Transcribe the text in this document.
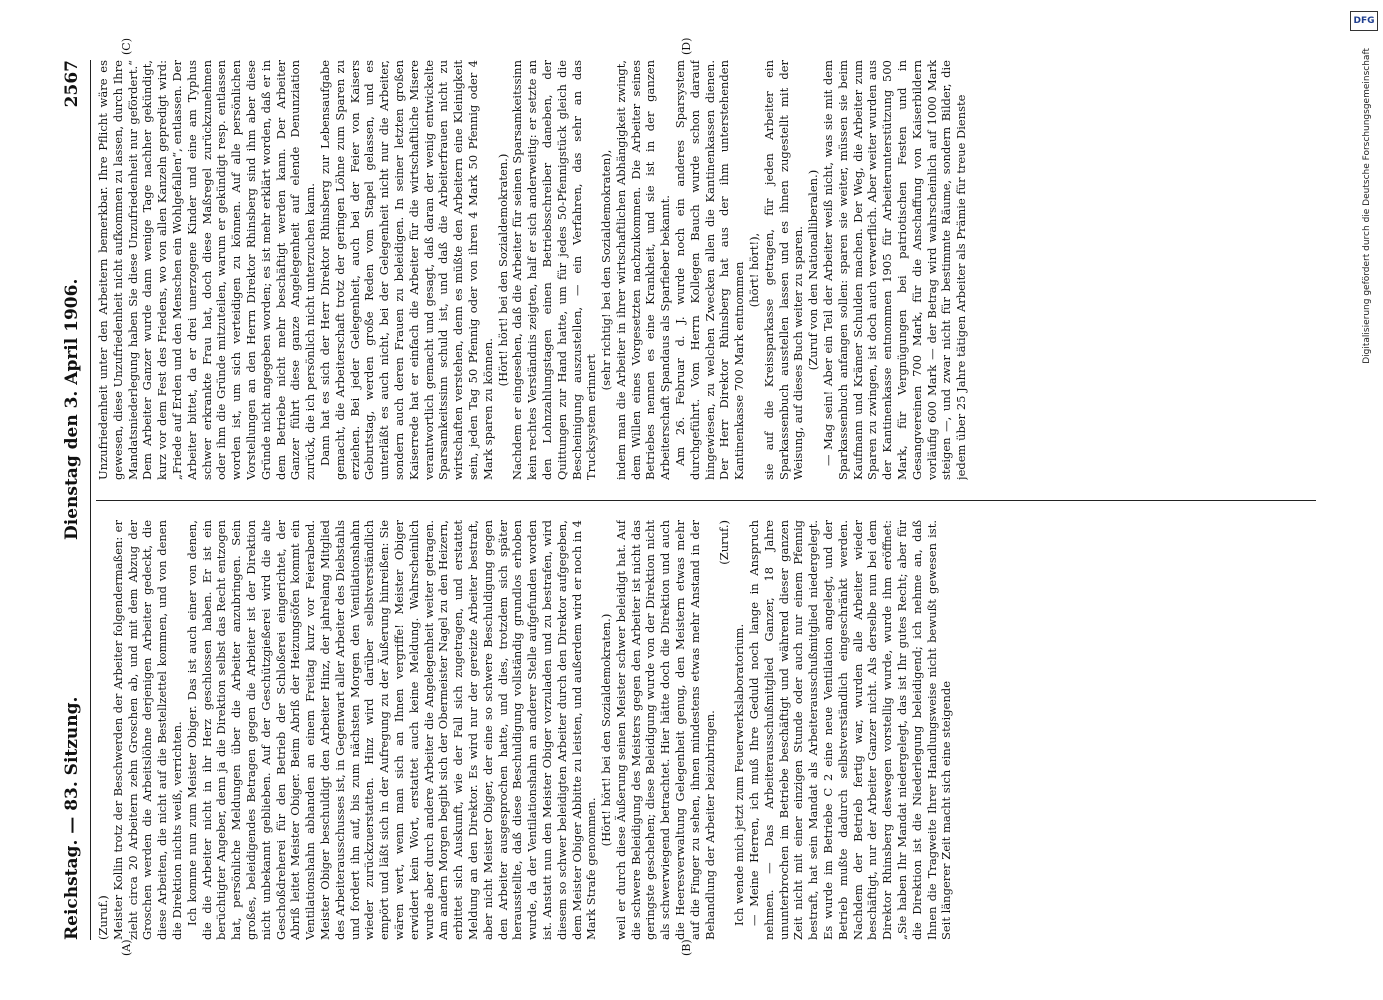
Reichstag. — 83. Sitzung.
Dienstag den 3. April 1906.
2567
(A)	(B)
(C)	(D)

(Zuruf.) Meister Kollin trotz der Beschwerden der Arbeiter folgendermaßen: er zieht circa 20 Arbeitern zehn Groschen ab, und mit dem Abzug der Groschen werden die Arbeitslöhne derjenigen Arbeiter gedeckt, die diese Arbeiten, die nicht auf die Bestellzettel kommen, und von denen die Direktion nichts weiß, verrichten. Ich komme nun zum Meister Obiger. Das ist auch einer von denen, die die Arbeiter nicht in ihr Herz geschlossen haben. Er ist ein berüchtigter Angeber, denn ja die Direktion selbst das Recht entzogen hat, persönliche Meldungen über die Arbeiter anzubringen. Sein großes, beleidigendes Betragen gegen die Arbeiter ist der Direktion nicht unbekannt geblieben. Auf der Geschützgießerei wird die alte Geschoßdreherei für den Betrieb der Schloßerei eingerichtet, der Abriß leitet Meister Obiger. Beim Abriß der Heizungsöfen kommt ein Ventilationshahn abhanden an einem Freitag kurz vor Feierabend. Meister Obiger beschuldigt den Arbeiter Hinz, der jahrelang Mitglied des Arbeiterausschusses ist, in Gegenwart aller Arbeiter des Diebstahls und fordert ihn auf, bis zum nächsten Morgen den Ventilationshahn wieder zurückzuerstatten. Hinz wird darüber selbstverständlich empört und läßt sich in der Aufregung zu der Äußerung hinreißen: Sie wären wert, wenn man sich an Ihnen vergriffe! Meister Obiger erwidert kein Wort, erstattet auch keine Meldung. Wahrscheinlich wurde aber durch andere Arbeiter die Angelegenheit weiter getragen. Am andern Morgen begibt sich der Obermeister Nagel zu den Heizern, erbittet sich Auskunft, wie der Fall sich zugetragen, und erstattet Meldung an den Direktor. Es wird nur der gereizte Arbeiter bestraft, aber nicht Meister Obiger, der eine so schwere Beschuldigung gegen den Arbeiter ausgesprochen hatte, und dies, trotzdem sich später herausstellte, daß diese Beschuldigung vollständig grundlos erhoben wurde, da der Ventilationshahn an anderer Stelle aufgefunden worden ist. Anstatt nun den Meister Obiger vorzuladen und zu bestrafen, wird diesem so schwer beleidigten Arbeiter durch den Direktor aufgegeben, dem Meister Obiger Abbitte zu leisten, und außerdem wird er noch in 4 Mark Strafe genommen.

(Hört! hört! bei den Sozialdemokraten.) weil er durch diese Äußerung seinen Meister schwer beleidigt hat. Auf die schwere Beleidigung des Meisters gegen den Arbeiter ist nicht das geringste geschehen; diese Beleidigung wurde von der Direktion nicht als schwerwiegend betrachtet. Hier hätte doch die Direktion und auch die Heeresverwaltung Gelegenheit genug, den Meistern etwas mehr auf die Finger zu sehen, ihnen mindestens etwas mehr Anstand in der Behandlung der Arbeiter beizubringen.

(Zuruf.)

Ich wende mich jetzt zum Feuerwerkslaboratorium. — Meine Herren, ich muß Ihre Geduld noch lange in Anspruch nehmen. — Das Arbeiterausschußmitglied Ganzer, 18 Jahre ununterbrochen im Betriebe beschäftigt und während dieser ganzen Zeit nicht mit einer einzigen Stunde oder auch nur einem Pfennig bestraft, hat sein Mandat als Arbeiterausschußmitglied niedergelegt. Es wurde im Betriebe C 2 eine neue Ventilation angelegt, und der Betrieb mußte dadurch selbstverständlich eingeschränkt werden. Nachdem der Betrieb fertig war, wurden alle Arbeiter wieder beschäftigt, nur der Arbeiter Ganzer nicht. Als derselbe nun bei dem Direktor Rhinsberg deswegen vorstellig wurde, wurde ihm eröffnet: „Sie haben Ihr Mandat niedergelegt, das ist Ihr gutes Recht; aber für die Direktion ist die Niederlegung beleidigend; ich nehme an, daß Ihnen die Tragweite Ihrer Handlungsweise nicht bewußt gewesen ist. Seit längerer Zeit macht sich eine steigende

Unzufriedenheit unter den Arbeitern bemerkbar. Ihre Pflicht wäre es gewesen, diese Unzufriedenheit nicht aufkommen zu lassen, durch Ihre Mandatsniederlegung haben Sie diese Unzufriedenheit nur gefördert.“ Dem Arbeiter Ganzer wurde dann wenige Tage nachher gekündigt, kurz vor dem Fest des Friedens, wo von allen Kanzeln gepredigt wird: „Friede auf Erden und den Menschen ein Wohlgefallen“, entlassen. Der Arbeiter bittet, da er drei unerzogene Kinder und eine am Typhus schwer erkrankte Frau hat, doch diese Maßregel zurückzunehmen oder ihm die Gründe mitzuteilen, warum er gekündigt resp. entlassen worden ist, um sich verteidigen zu können. Auf alle persönlichen Vorstellungen an den Herrn Direktor Rhinsberg sind ihm aber diese Gründe nicht angegeben worden; es ist mehr erklärt worden, daß er in dem Betriebe nicht mehr beschäftigt werden kann. Der Arbeiter Ganzer führt diese ganze Angelegenheit auf elende Denunziation zurück, die ich persönlich nicht unterzuchen kann. Dann hat es sich der Herr Direktor Rhinsberg zur Lebensaufgabe gemacht, die Arbeiterschaft trotz der geringen Löhne zum Sparen zu erziehen. Bei jeder Gelegenheit, auch bei der Feier von Kaisers Geburtstag, werden große Reden vom Stapel gelassen, und es unterläßt es auch nicht, bei der Gelegenheit nicht nur die Arbeiter, sondern auch deren Frauen zu beleidigen. In seiner letzten großen Kaiserrede hat er einfach die Arbeiter für die wirtschaftliche Misere verantwortlich gemacht und gesagt, daß daran der wenig entwickelte Sparsamkeitssinn schuld ist, und daß die Arbeiterfrauen nicht zu wirtschaften verstehen, denn es müßte den Arbeitern eine Kleinigkeit sein, jeden Tag 50 Pfennig oder von ihren 4 Mark 50 Pfennig oder 4 Mark sparen zu können.

(Hört! hört! bei den Sozialdemokraten.) Nachdem er eingesehen, daß die Arbeiter für seinen Sparsamkeitssinn kein rechtes Verständnis zeigten, half er sich anderweitig: er setzte an den Lohnzahlungstagen einen Betriebsschreiber daneben, der Quittungen zur Hand hatte, um für jedes 50-Pfennigstück gleich die Bescheinigung auszustellen, — ein Verfahren, das sehr an das Trucksystem erinnert

(sehr richtig! bei den Sozialdemokraten), indem man die Arbeiter in ihrer wirtschaftlichen Abhängigkeit zwingt, dem Willen eines Vorgesetzten nachzukommen. Die Arbeiter seines Betriebes nennen es eine Krankheit, und sie ist in der ganzen Arbeiterschaft Spandaus als Sparfieber bekannt. Am 26. Februar d. J. wurde noch ein anderes Sparsystem durchgeführt. Vom Herrn Kollegen Bauch wurde schon darauf hingewiesen, zu welchen Zwecken allen die Kantinenkassen dienen. Der Herr Direktor Rhinsberg hat aus der ihm unterstehenden Kantinenkasse 700 Mark entnommen (hört! hört!), sie auf die Kreissparkasse getragen, für jeden Arbeiter ein Sparkassenbuch ausstellen lassen und es ihnen zugestellt mit der Weisung, auf dieses Buch weiter zu sparen. (Zuruf von den Nationalliberalen.) — Mag sein! Aber ein Teil der Arbeiter weiß nicht, was sie mit dem Sparkassenbuch anfangen sollen: sparen sie weiter, müssen sie beim Kaufmann und Krämer Schulden machen. Der Weg, die Arbeiter zum Sparen zu zwingen, ist doch auch verwerflich. Aber weiter wurden aus der Kantinenkasse entnommen 1905 für Arbeiterunterstützung 500 Mark, für Vergnügungen bei patriotischen Festen und in Gesangvereinen 700 Mark, für die Anschaffung von Kaiserbildern vorläufig 600 Mark — der Betrag wird wahrscheinlich auf 1000 Mark steigen —, und zwar nicht für bestimmte Räume, sondern Bilder, die jedem über 25 Jahre tätigen Arbeiter als Prämie für treue Dienste	Digitalisierung gefördert durch die Deutsche Forschungsgemeinschaft
DFG
